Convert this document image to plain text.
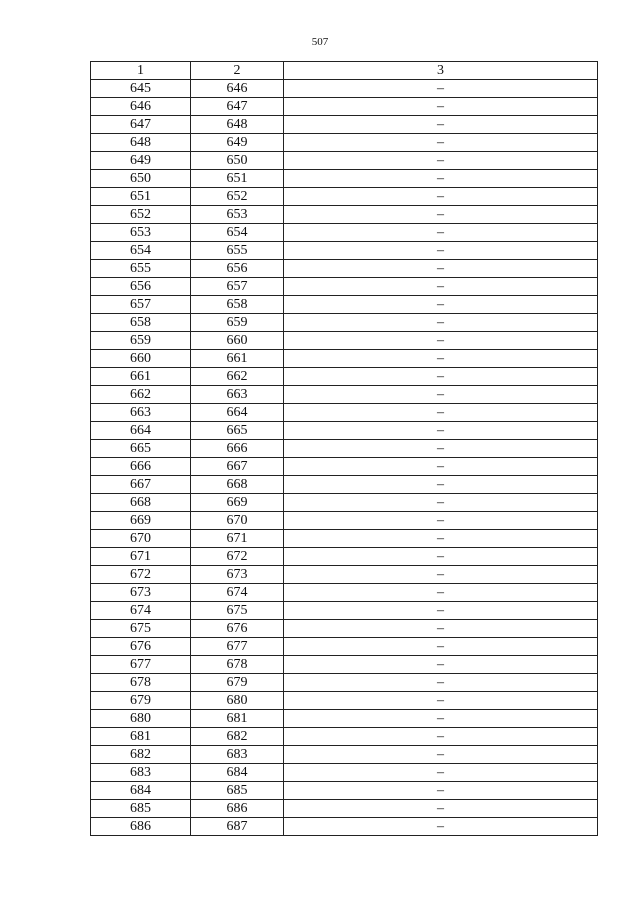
507
1	2	3
645	646	–
646	647	–
647	648	–
648	649	–
649	650	–
650	651	–
651	652	–
652	653	–
653	654	–
654	655	–
655	656	–
656	657	–
657	658	–
658	659	–
659	660	–
660	661	–
661	662	–
662	663	–
663	664	–
664	665	–
665	666	–
666	667	–
667	668	–
668	669	–
669	670	–
670	671	–
671	672	–
672	673	–
673	674	–
674	675	–
675	676	–
676	677	–
677	678	–
678	679	–
679	680	–
680	681	–
681	682	–
682	683	–
683	684	–
684	685	–
685	686	–
686	687	–
